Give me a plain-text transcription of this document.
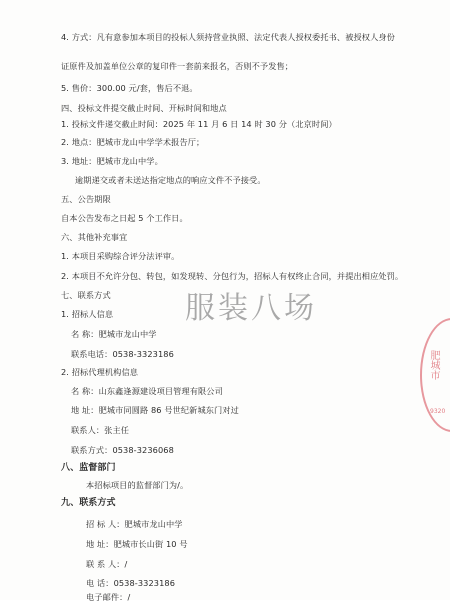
4. 方式：凡有意参加本项目的投标人须持营业执照、法定代表人授权委托书、被授权人身份
证原件及加盖单位公章的复印件一套前来报名，否则不予发售；
5. 售价：300.00 元/套，售后不退。
四、投标文件提交截止时间、开标时间和地点
1. 投标文件递交截止时间：2025 年 11 月 6 日 14 时 30 分（北京时间）
2. 地点：肥城市龙山中学学术报告厅；
3. 地址：肥城市龙山中学。
逾期递交或者未送达指定地点的响应文件不予接受。
五、公告期限
自本公告发布之日起 5 个工作日。
六、其他补充事宜
1. 本项目采购综合评分法评审。
2. 本项目不允许分包、转包，如发现转、分包行为，招标人有权终止合同，并提出相应处罚。
七、联系方式
1. 招标人信息
名 称：肥城市龙山中学
联系电话：0538-3323186
2. 招标代理机构信息
名 称：山东鑫逢源建设项目管理有限公司
地 址：肥城市同圆路 86 号世纪新城东门对过
联系人：张主任
联系方式：0538-3236068
八、监督部门
本招标项目的监督部门为/。
九、联系方式
招 标 人：肥城市龙山中学
地 址：肥城市长山街 10 号
联 系 人：/
电 话：0538-3323186
电子邮件：/
服装八场
肥城市
9320
